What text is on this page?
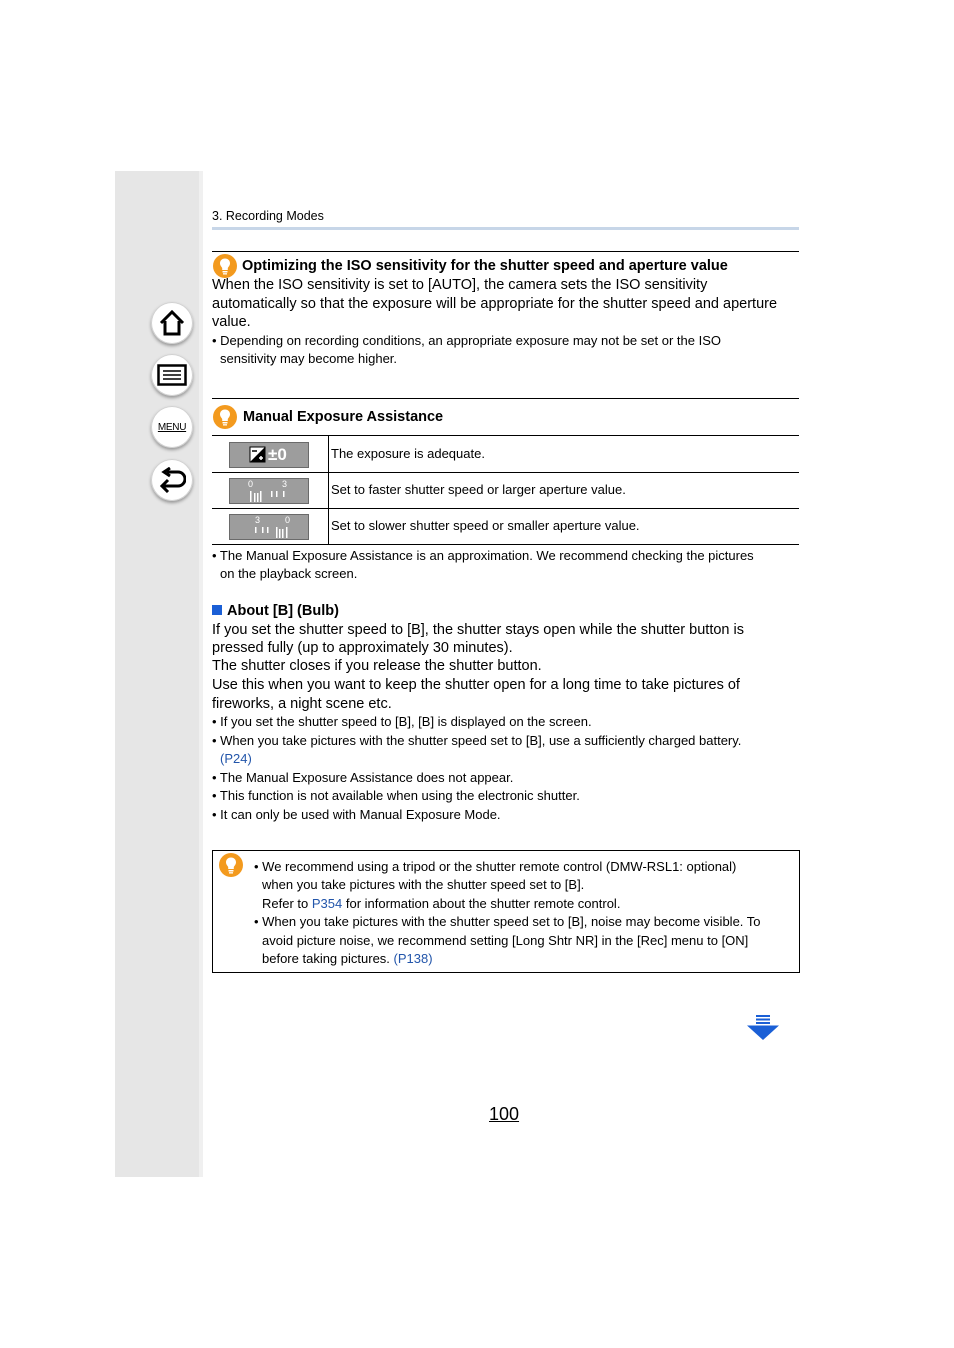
MENU
3. Recording Modes
Optimizing the ISO sensitivity for the shutter speed and aperture value
When the ISO sensitivity is set to [AUTO], the camera sets the ISO sensitivity
automatically so that the exposure will be appropriate for the shutter speed and aperture
value.
• Depending on recording conditions, an appropriate exposure may not be set or the ISO
sensitivity may become higher.
Manual Exposure Assistance
±0	The exposure is adequate.
0	3	Set to faster shutter speed or larger aperture value.
3	0	Set to slower shutter speed or smaller aperture value.
• The Manual Exposure Assistance is an approximation. We recommend checking the pictures
on the playback screen.
About [B] (Bulb)
If you set the shutter speed to [B], the shutter stays open while the shutter button is
pressed fully (up to approximately 30 minutes).
The shutter closes if you release the shutter button.
Use this when you want to keep the shutter open for a long time to take pictures of
fireworks, a night scene etc.
• If you set the shutter speed to [B], [B] is displayed on the screen.
• When you take pictures with the shutter speed set to [B], use a sufficiently charged battery.
(P24)
• The Manual Exposure Assistance does not appear.
• This function is not available when using the electronic shutter.
• It can only be used with Manual Exposure Mode.
• We recommend using a tripod or the shutter remote control (DMW-RSL1: optional)
when you take pictures with the shutter speed set to [B].
Refer to P354 for information about the shutter remote control.
• When you take pictures with the shutter speed set to [B], noise may become visible. To
avoid picture noise, we recommend setting [Long Shtr NR] in the [Rec] menu to [ON]
before taking pictures. (P138)
100
